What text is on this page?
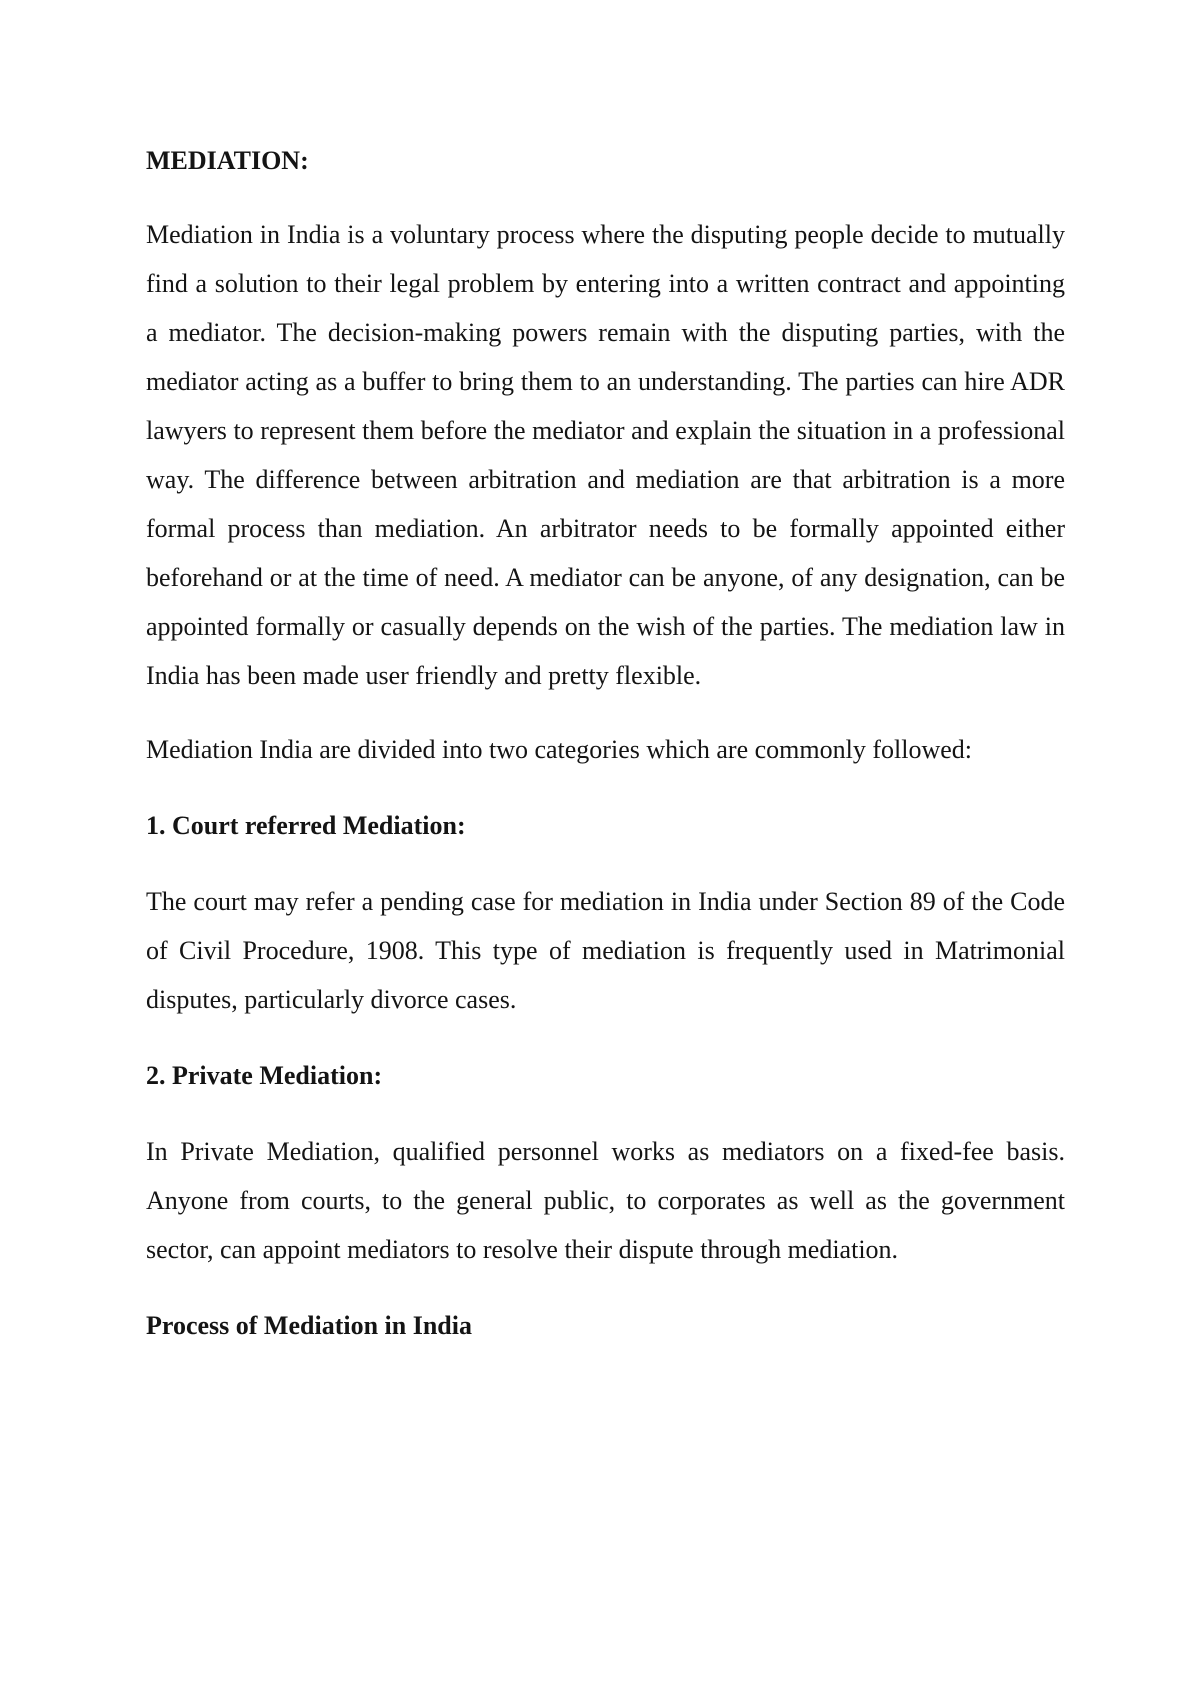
MEDIATION:

Mediation in India is a voluntary process where the disputing people decide to mutually find a solution to their legal problem by entering into a written contract and appointing a mediator. The decision-making powers remain with the disputing parties, with the mediator acting as a buffer to bring them to an understanding. The parties can hire ADR lawyers to represent them before the mediator and explain the situation in a professional way. The difference between arbitration and mediation are that arbitration is a more formal process than mediation. An arbitrator needs to be formally appointed either beforehand or at the time of need. A mediator can be anyone, of any designation, can be appointed formally or casually depends on the wish of the parties. The mediation law in India has been made user friendly and pretty flexible.

Mediation India are divided into two categories which are commonly followed:

1. Court referred Mediation:

The court may refer a pending case for mediation in India under Section 89 of the Code of Civil Procedure, 1908. This type of mediation is frequently used in Matrimonial disputes, particularly divorce cases.

2. Private Mediation:

In Private Mediation, qualified personnel works as mediators on a fixed-fee basis. Anyone from courts, to the general public, to corporates as well as the government sector, can appoint mediators to resolve their dispute through mediation.

Process of Mediation in India
